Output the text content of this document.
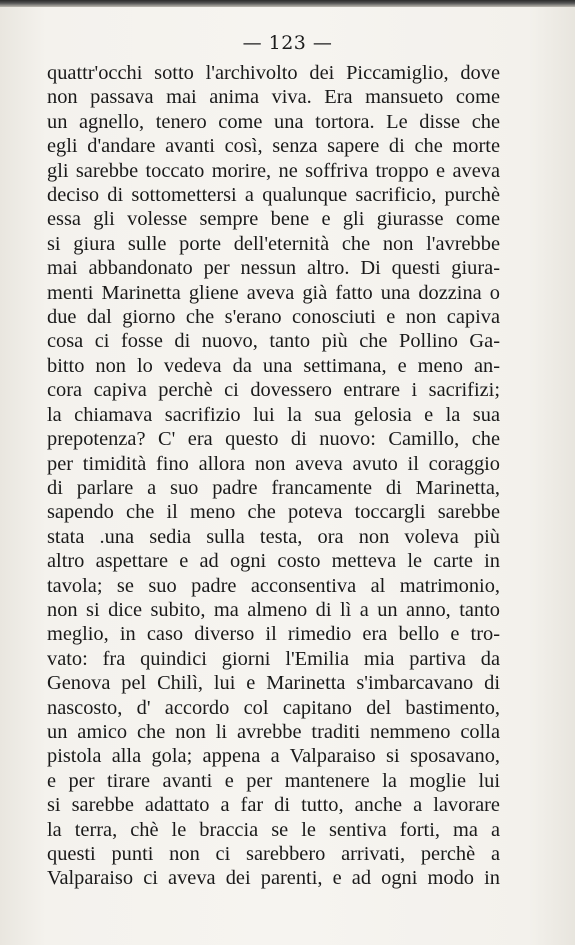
— 123 —
quattr'occhi sotto l'archivolto dei Piccamiglio, dove
non passava mai anima viva. Era mansueto come
un agnello, tenero come una tortora. Le disse che
egli d'andare avanti così, senza sapere di che morte
gli sarebbe toccato morire, ne soffriva troppo e aveva
deciso di sottomettersi a qualunque sacrificio, purchè
essa gli volesse sempre bene e gli giurasse come
si giura sulle porte dell'eternità che non l'avrebbe
mai abbandonato per nessun altro. Di questi giura-
menti Marinetta gliene aveva già fatto una dozzina o
due dal giorno che s'erano conosciuti e non capiva
cosa ci fosse di nuovo, tanto più che Pollino Ga-
bitto non lo vedeva da una settimana, e meno an-
cora capiva perchè ci dovessero entrare i sacrifizi;
la chiamava sacrifizio lui la sua gelosia e la sua
prepotenza? C' era questo di nuovo: Camillo, che
per timidità fino allora non aveva avuto il coraggio
di parlare a suo padre francamente di Marinetta,
sapendo che il meno che poteva toccargli sarebbe
stata .una sedia sulla testa, ora non voleva più
altro aspettare e ad ogni costo metteva le carte in
tavola; se suo padre acconsentiva al matrimonio,
non si dice subito, ma almeno di lì a un anno, tanto
meglio, in caso diverso il rimedio era bello e tro-
vato: fra quindici giorni l'Emilia mia partiva da
Genova pel Chilì, lui e Marinetta s'imbarcavano di
nascosto, d' accordo col capitano del bastimento,
un amico che non li avrebbe traditi nemmeno colla
pistola alla gola; appena a Valparaiso si sposavano,
e per tirare avanti e per mantenere la moglie lui
si sarebbe adattato a far di tutto, anche a lavorare
la terra, chè le braccia se le sentiva forti, ma a
questi punti non ci sarebbero arrivati, perchè a
Valparaiso ci aveva dei parenti, e ad ogni modo in
